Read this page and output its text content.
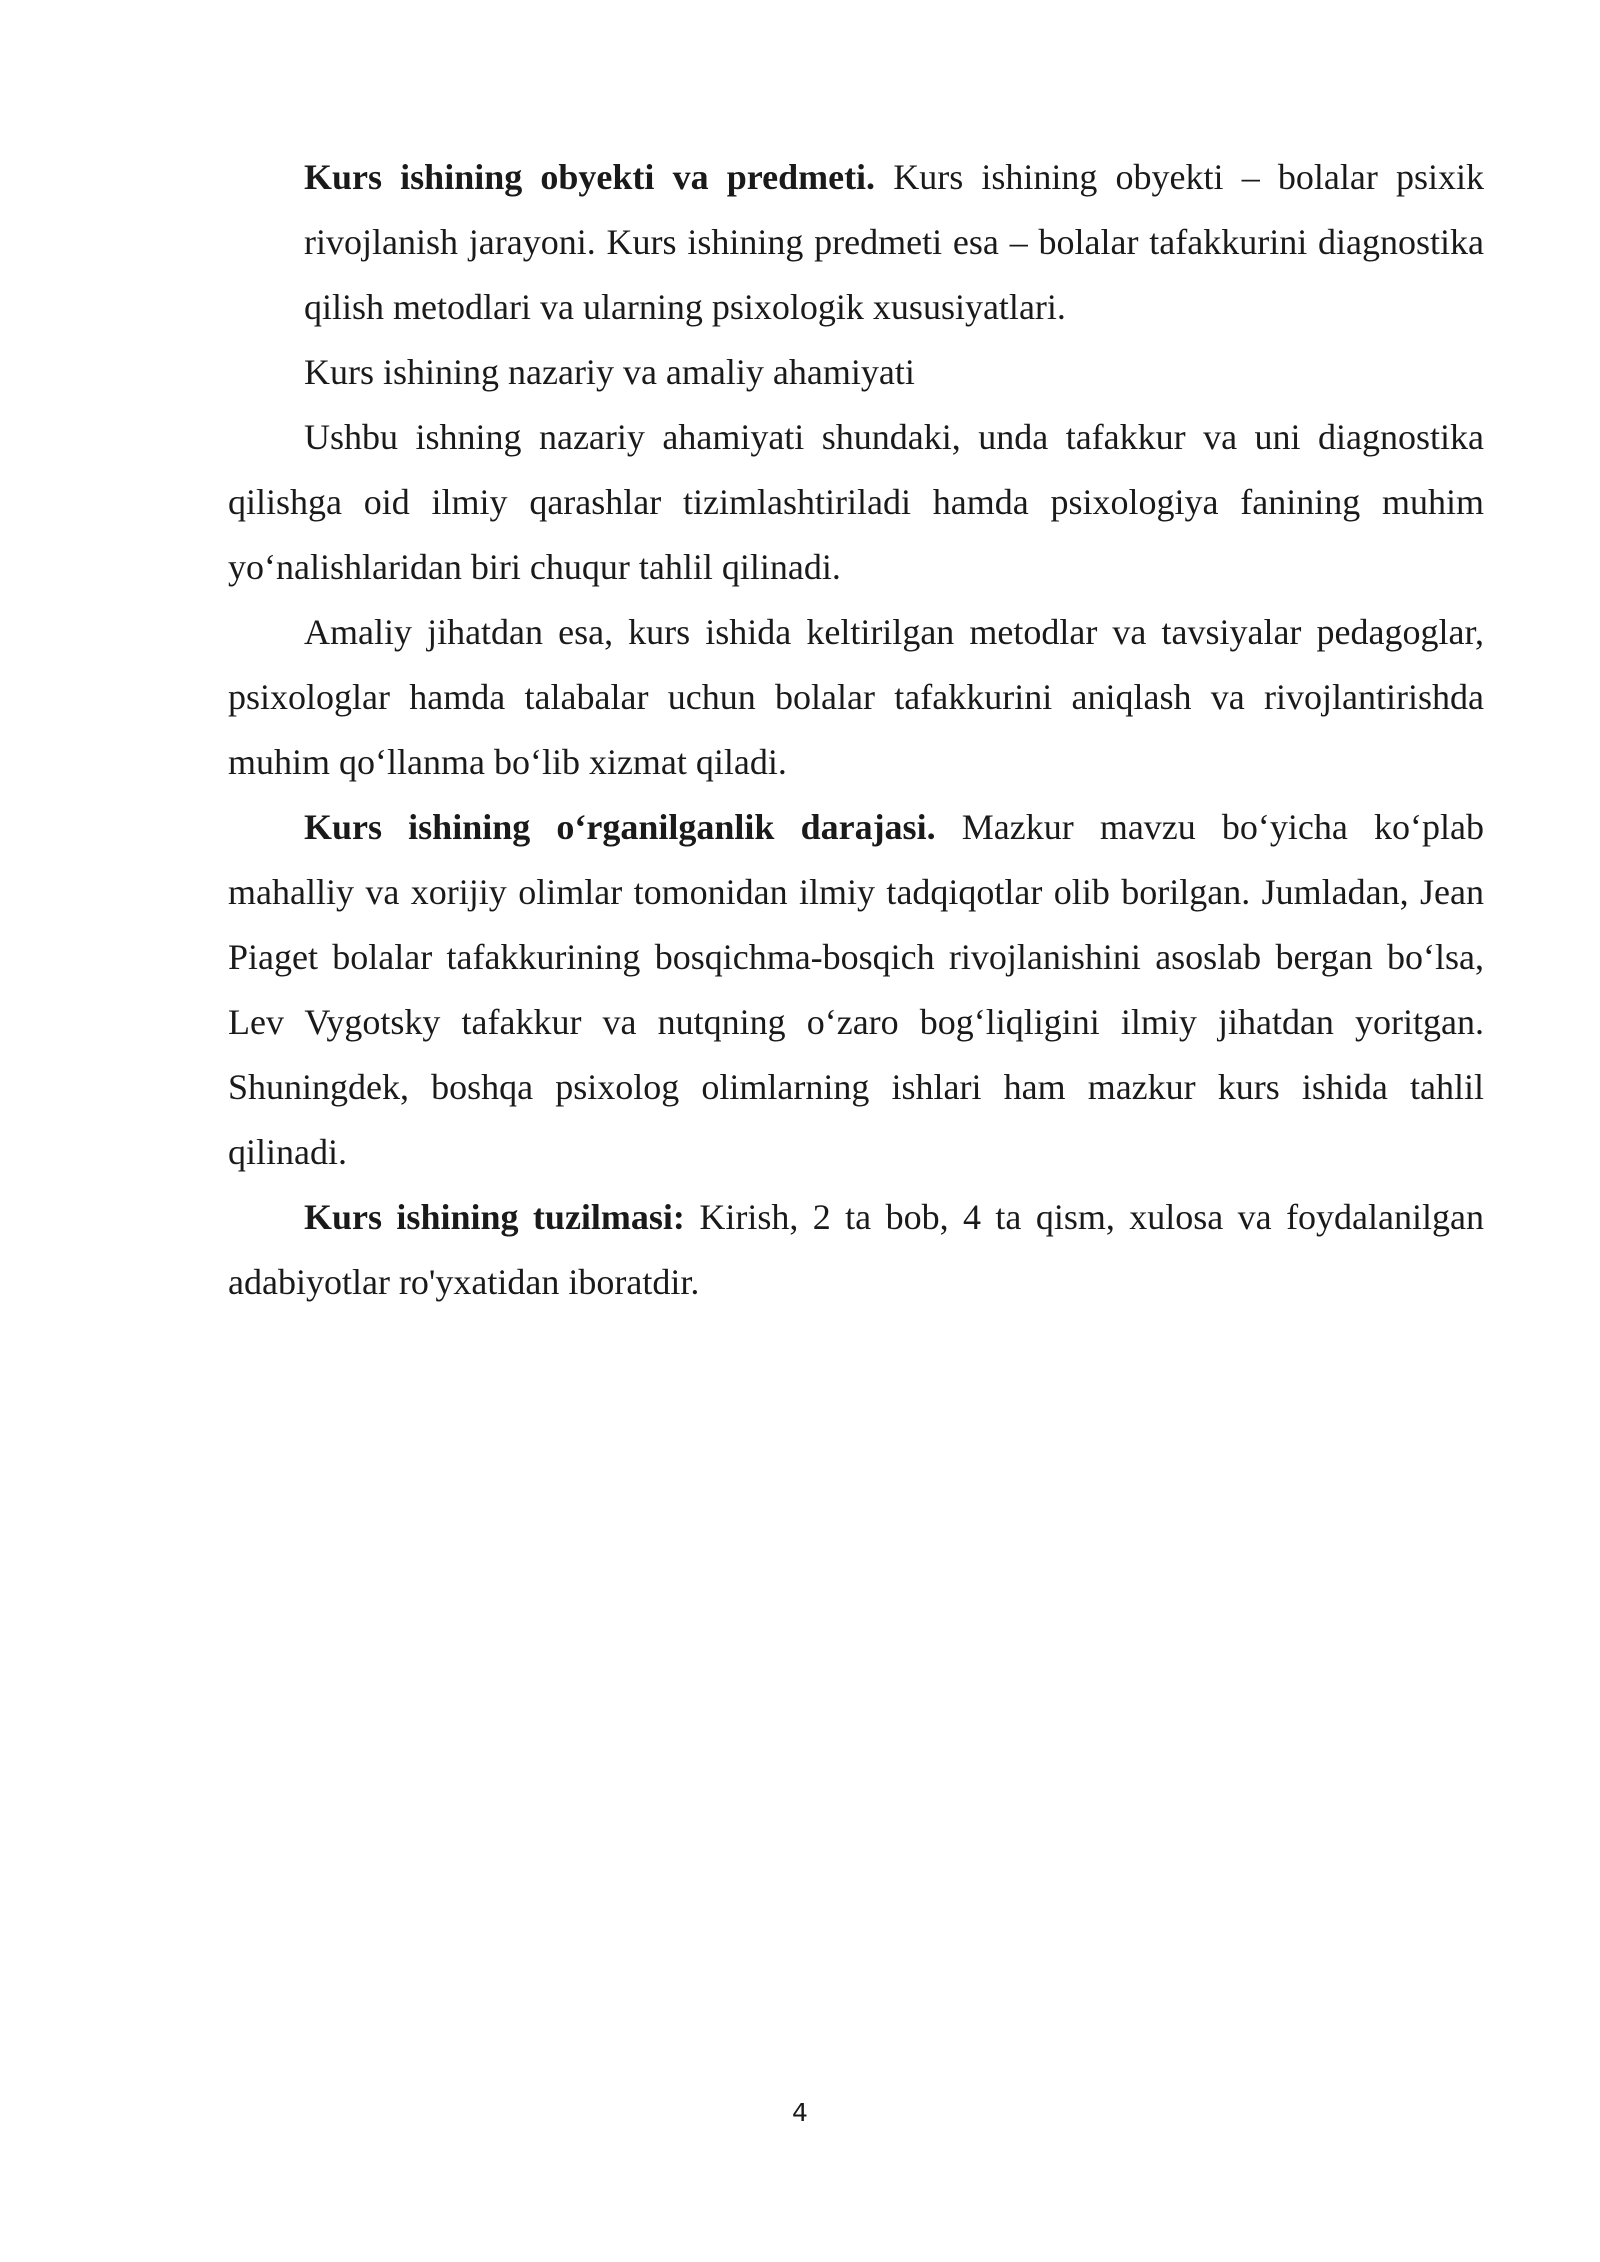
Kurs ishining obyekti va predmeti. Kurs ishining obyekti – bolalar psixik rivojlanish jarayoni. Kurs ishining predmeti esa – bolalar tafakkurini diagnostika qilish metodlari va ularning psixologik xususiyatlari.

Kurs ishining nazariy va amaliy ahamiyati

Ushbu ishning nazariy ahamiyati shundaki, unda tafakkur va uni diagnostika qilishga oid ilmiy qarashlar tizimlashtiriladi hamda psixologiya fanining muhim yo‘nalishlaridan biri chuqur tahlil qilinadi.

Amaliy jihatdan esa, kurs ishida keltirilgan metodlar va tavsiyalar pedagoglar, psixologlar hamda talabalar uchun bolalar tafakkurini aniqlash va rivojlantirishda muhim qo‘llanma bo‘lib xizmat qiladi.

Kurs ishining o‘rganilganlik darajasi. Mazkur mavzu bo‘yicha ko‘plab mahalliy va xorijiy olimlar tomonidan ilmiy tadqiqotlar olib borilgan. Jumladan, Jean Piaget bolalar tafakkurining bosqichma-bosqich rivojlanishini asoslab bergan bo‘lsa, Lev Vygotsky tafakkur va nutqning o‘zaro bog‘liqligini ilmiy jihatdan yoritgan. Shuningdek, boshqa psixolog olimlarning ishlari ham mazkur kurs ishida tahlil qilinadi.

Kurs ishining tuzilmasi: Kirish, 2 ta bob, 4 ta qism, xulosa va foydalanilgan adabiyotlar ro'yxatidan iboratdir.

4
